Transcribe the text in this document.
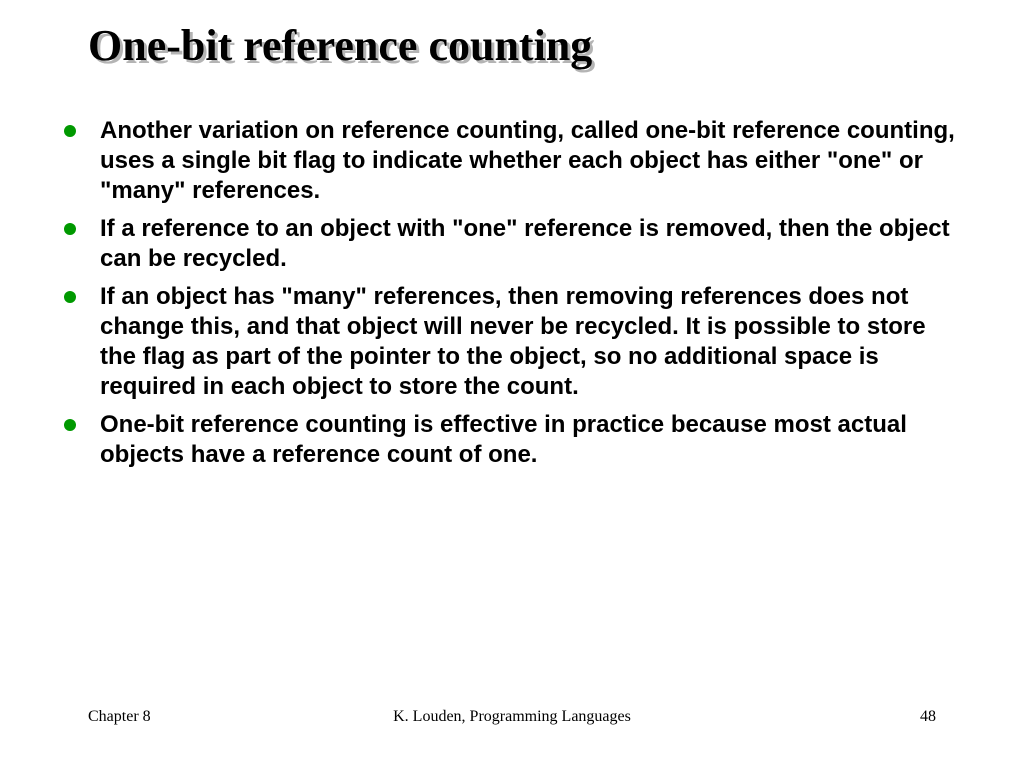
One-bit reference counting
Another variation on reference counting, called one-bit reference counting, uses a single bit flag to indicate whether each object has either "one" or "many" references.
If a reference to an object with "one" reference is removed, then the object can be recycled.
If an object has "many" references, then removing references does not change this, and that object will never be recycled. It is possible to store the flag as part of the pointer to the object, so no additional space is required in each object to store the count.
One-bit reference counting is effective in practice because most actual objects have a reference count of one.
Chapter 8	K. Louden, Programming Languages	48
